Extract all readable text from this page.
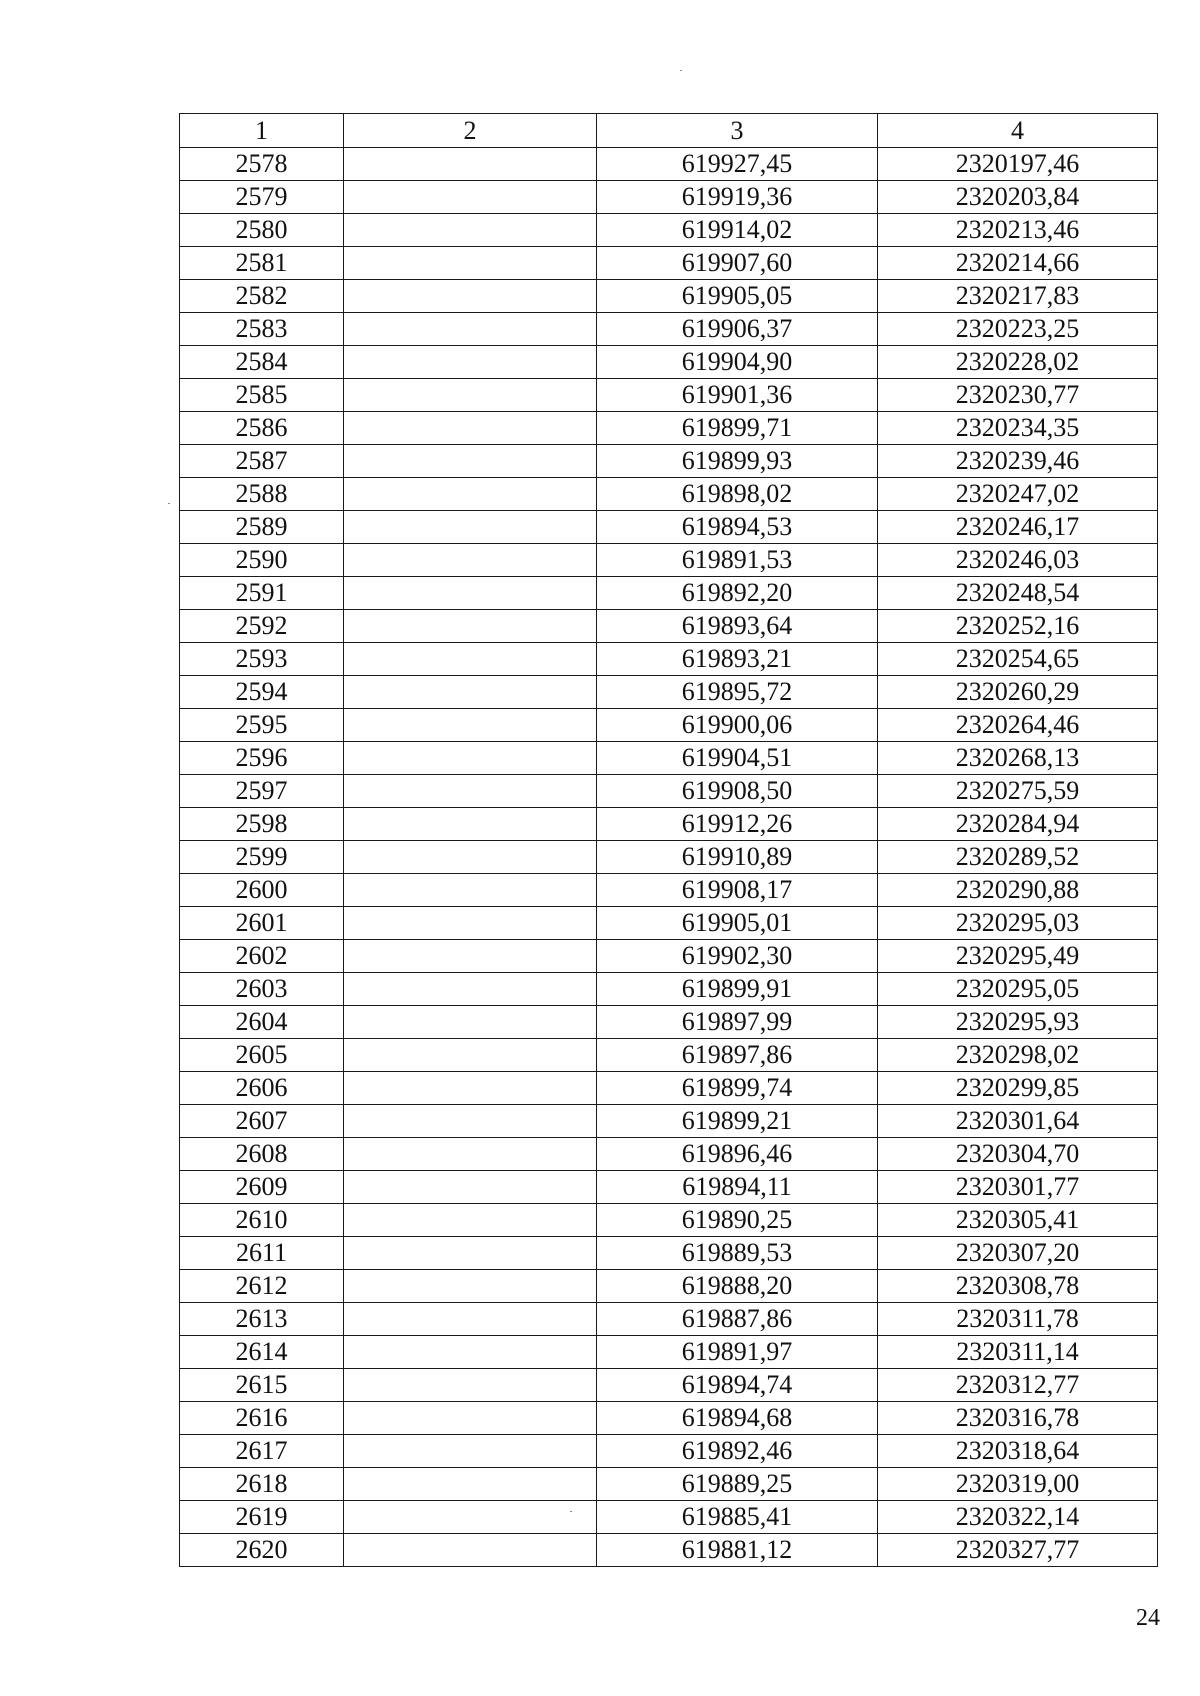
1	2	3	4
2578		619927,45	2320197,46
2579		619919,36	2320203,84
2580		619914,02	2320213,46
2581		619907,60	2320214,66
2582		619905,05	2320217,83
2583		619906,37	2320223,25
2584		619904,90	2320228,02
2585		619901,36	2320230,77
2586		619899,71	2320234,35
2587		619899,93	2320239,46
2588		619898,02	2320247,02
2589		619894,53	2320246,17
2590		619891,53	2320246,03
2591		619892,20	2320248,54
2592		619893,64	2320252,16
2593		619893,21	2320254,65
2594		619895,72	2320260,29
2595		619900,06	2320264,46
2596		619904,51	2320268,13
2597		619908,50	2320275,59
2598		619912,26	2320284,94
2599		619910,89	2320289,52
2600		619908,17	2320290,88
2601		619905,01	2320295,03
2602		619902,30	2320295,49
2603		619899,91	2320295,05
2604		619897,99	2320295,93
2605		619897,86	2320298,02
2606		619899,74	2320299,85
2607		619899,21	2320301,64
2608		619896,46	2320304,70
2609		619894,11	2320301,77
2610		619890,25	2320305,41
2611		619889,53	2320307,20
2612		619888,20	2320308,78
2613		619887,86	2320311,78
2614		619891,97	2320311,14
2615		619894,74	2320312,77
2616		619894,68	2320316,78
2617		619892,46	2320318,64
2618		619889,25	2320319,00
2619		619885,41	2320322,14
2620		619881,12	2320327,77
24
